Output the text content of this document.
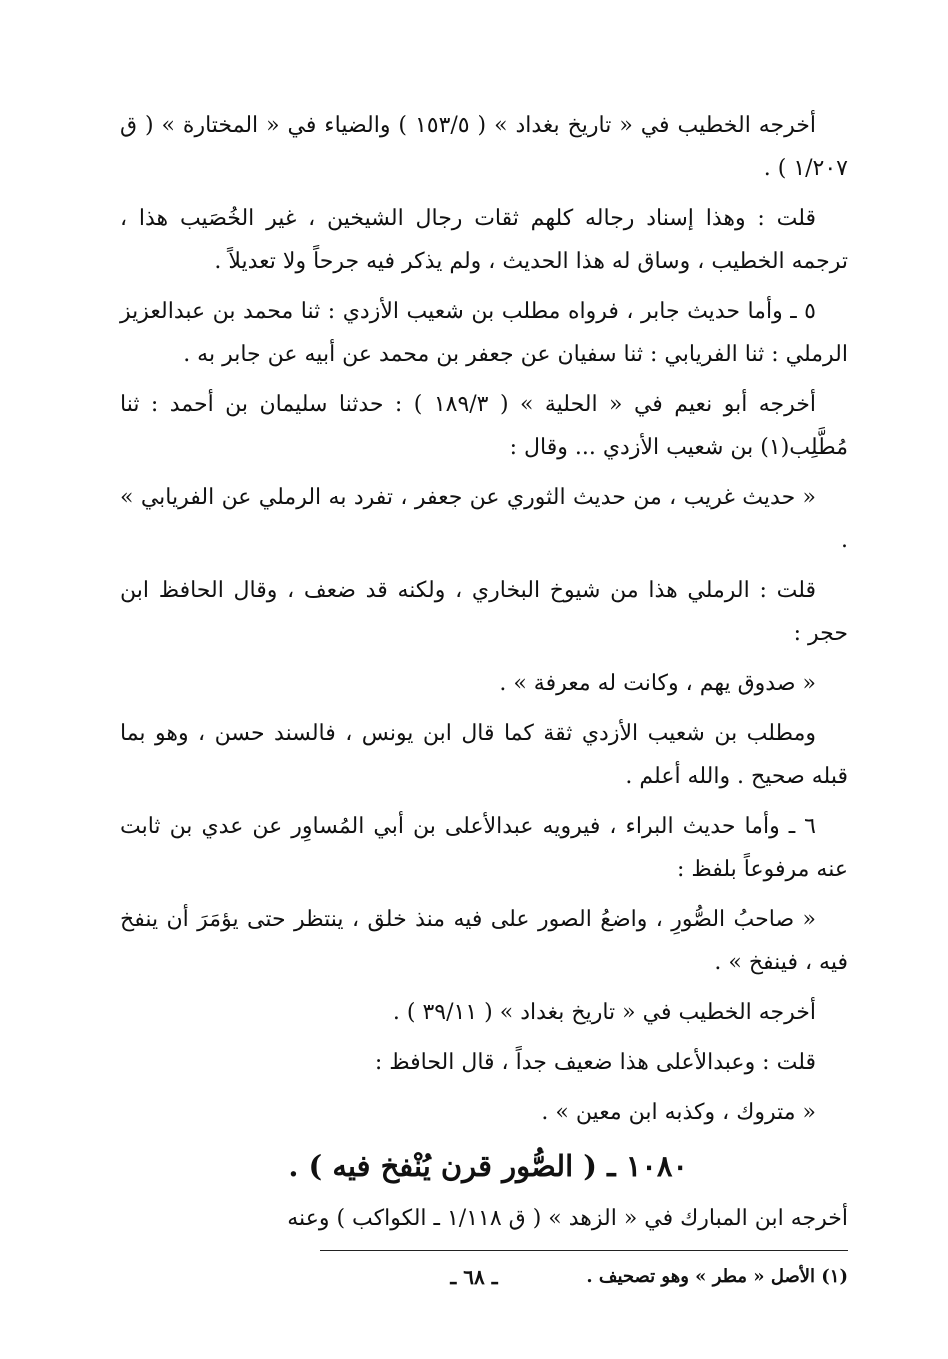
أخرجه الخطيب في « تاريخ بغداد » ( ١٥٣/٥ ) والضياء في « المختارة » ( ق ١/٢٠٧ ) .

قلت : وهذا إسناد رجاله كلهم ثقات رجال الشيخين ، غير الخُصَيب هذا ، ترجمه الخطيب ، وساق له هذا الحديث ، ولم يذكر فيه جرحاً ولا تعديلاً .

٥ ـ وأما حديث جابر ، فرواه مطلب بن شعيب الأزدي : ثنا محمد بن عبدالعزيز الرملي : ثنا الفريابي : ثنا سفيان عن جعفر بن محمد عن أبيه عن جابر به .

أخرجه أبو نعيم في « الحلية » ( ١٨٩/٣ ) : حدثنا سليمان بن أحمد : ثنا مُطَّلِب(١) بن شعيب الأزدي ... وقال :

« حديث غريب ، من حديث الثوري عن جعفر ، تفرد به الرملي عن الفريابي » .

قلت : الرملي هذا من شيوخ البخاري ، ولكنه قد ضعف ، وقال الحافظ ابن حجر :

« صدوق يهم ، وكانت له معرفة » .

ومطلب بن شعيب الأزدي ثقة كما قال ابن يونس ، فالسند حسن ، وهو بما قبله صحيح . والله أعلم .

٦ ـ وأما حديث البراء ، فيرويه عبدالأعلى بن أبي المُساوِر عن عدي بن ثابت عنه مرفوعاً بلفظ :

« صاحبُ الصُّورِ ، واضعُ الصور على فيه منذ خلق ، ينتظر حتى يؤمَرَ أن ينفخ فيه ، فينفخ » .

أخرجه الخطيب في « تاريخ بغداد » ( ٣٩/١١ ) .

قلت : وعبدالأعلى هذا ضعيف جداً ، قال الحافظ :

« متروك ، وكذبه ابن معين » .

١٠٨٠ ـ ( الصُّور قرن يُنْفخ فيه ) .

أخرجه ابن المبارك في « الزهد » ( ق ١/١١٨ ـ الكواكب ) وعنه

(١) الأصل « مطر » وهو تصحيف .

ـ ٦٨ ـ
